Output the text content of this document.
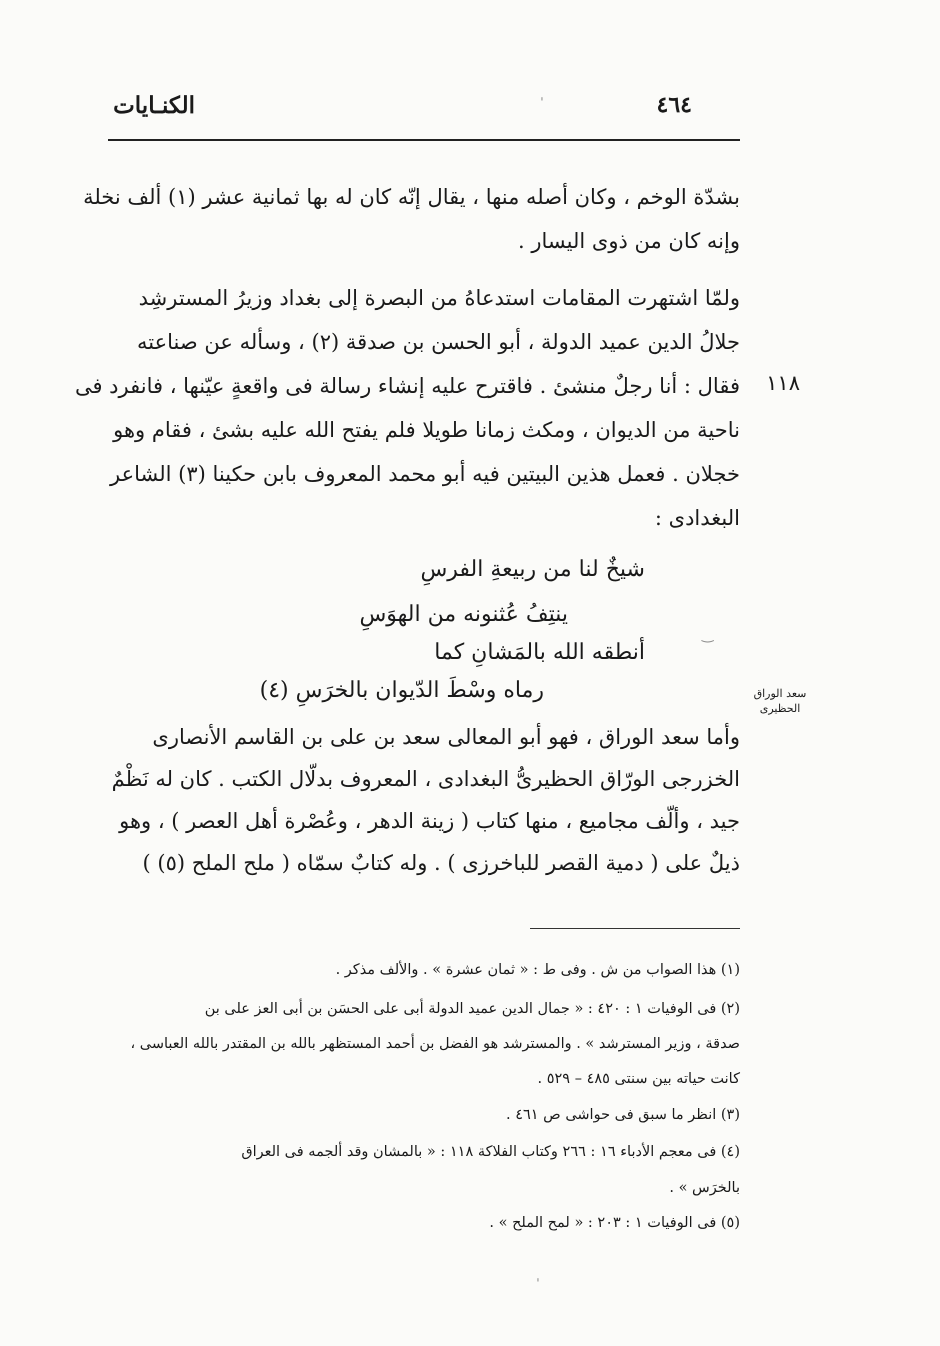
الكنـايات	٤٦٤
ˈ
بشدّة الوخم ، وكان أصله منها ، يقال إنّه كان له بها ثمانية عشر (١) ألف نخلة
وإنه كان من ذوى اليسار .
ولمّا اشتهرت المقامات استدعاهُ من البصرة إلى بغداد وزيرُ المسترشِد
جلالُ الدين عميد الدولة ، أبو الحسن بن صدقة (٢) ، وسأله عن صناعته
فقال : أنا رجلٌ منشئ . فاقترح عليه إنشاء رسالة فى واقعةٍ عيّنها ، فانفرد فى
ناحية من الديوان ، ومكث زمانا طويلا فلم يفتح الله عليه بشئ ، فقام وهو
خجلان . فعمل هذين البيتين فيه أبو محمد المعروف بابن حكينا (٣) الشاعر
البغدادى :
١١٨
شيخٌ لنا من ربيعةِ الفرسِ
ينتِفُ عُثنونه من الهوَسِ
أنطقه الله بالمَشانِ كما
رماه وسْطَ الدّيوان بالخرَسِ (٤)
‿
سعد الوراق الحظيرى
وأما سعد الوراق ، فهو أبو المعالى سعد بن على بن القاسم الأنصارى
الخزرجى الورّاق الحظيرىُّ البغدادى ، المعروف بدلّال الكتب . كان له نَظْمٌ
جيد ، وألّف مجاميع ، منها كتاب ( زينة الدهر ، وعُصْرة أهل العصر ) ، وهو
ذيلٌ على ( دمية القصر للباخرزى ) . وله كتابٌ سمّاه ( ملح الملح (٥) )
(١) هذا الصواب من ش . وفى ط : « ثمان عشرة » . والألف مذكر .
(٢) فى الوفيات ١ : ٤٢٠ : « جمال الدين عميد الدولة أبى على الحسَن بن أبى العز على بن
صدقة ، وزير المسترشد » . والمسترشد هو الفضل بن أحمد المستظهر بالله بن المقتدر بالله العباسى ،
كانت حياته بين سنتى ٤٨٥ – ٥٢٩ .
(٣) انظر ما سبق فى حواشى ص ٤٦١ .
(٤) فى معجم الأدباء ١٦ : ٢٦٦ وكتاب الفلاكة ١١٨ : « بالمشان وقد ألجمه فى العراق
بالخرَس » .
(٥) فى الوفيات ١ : ٢٠٣ : « لمح الملح » .
ˌ
